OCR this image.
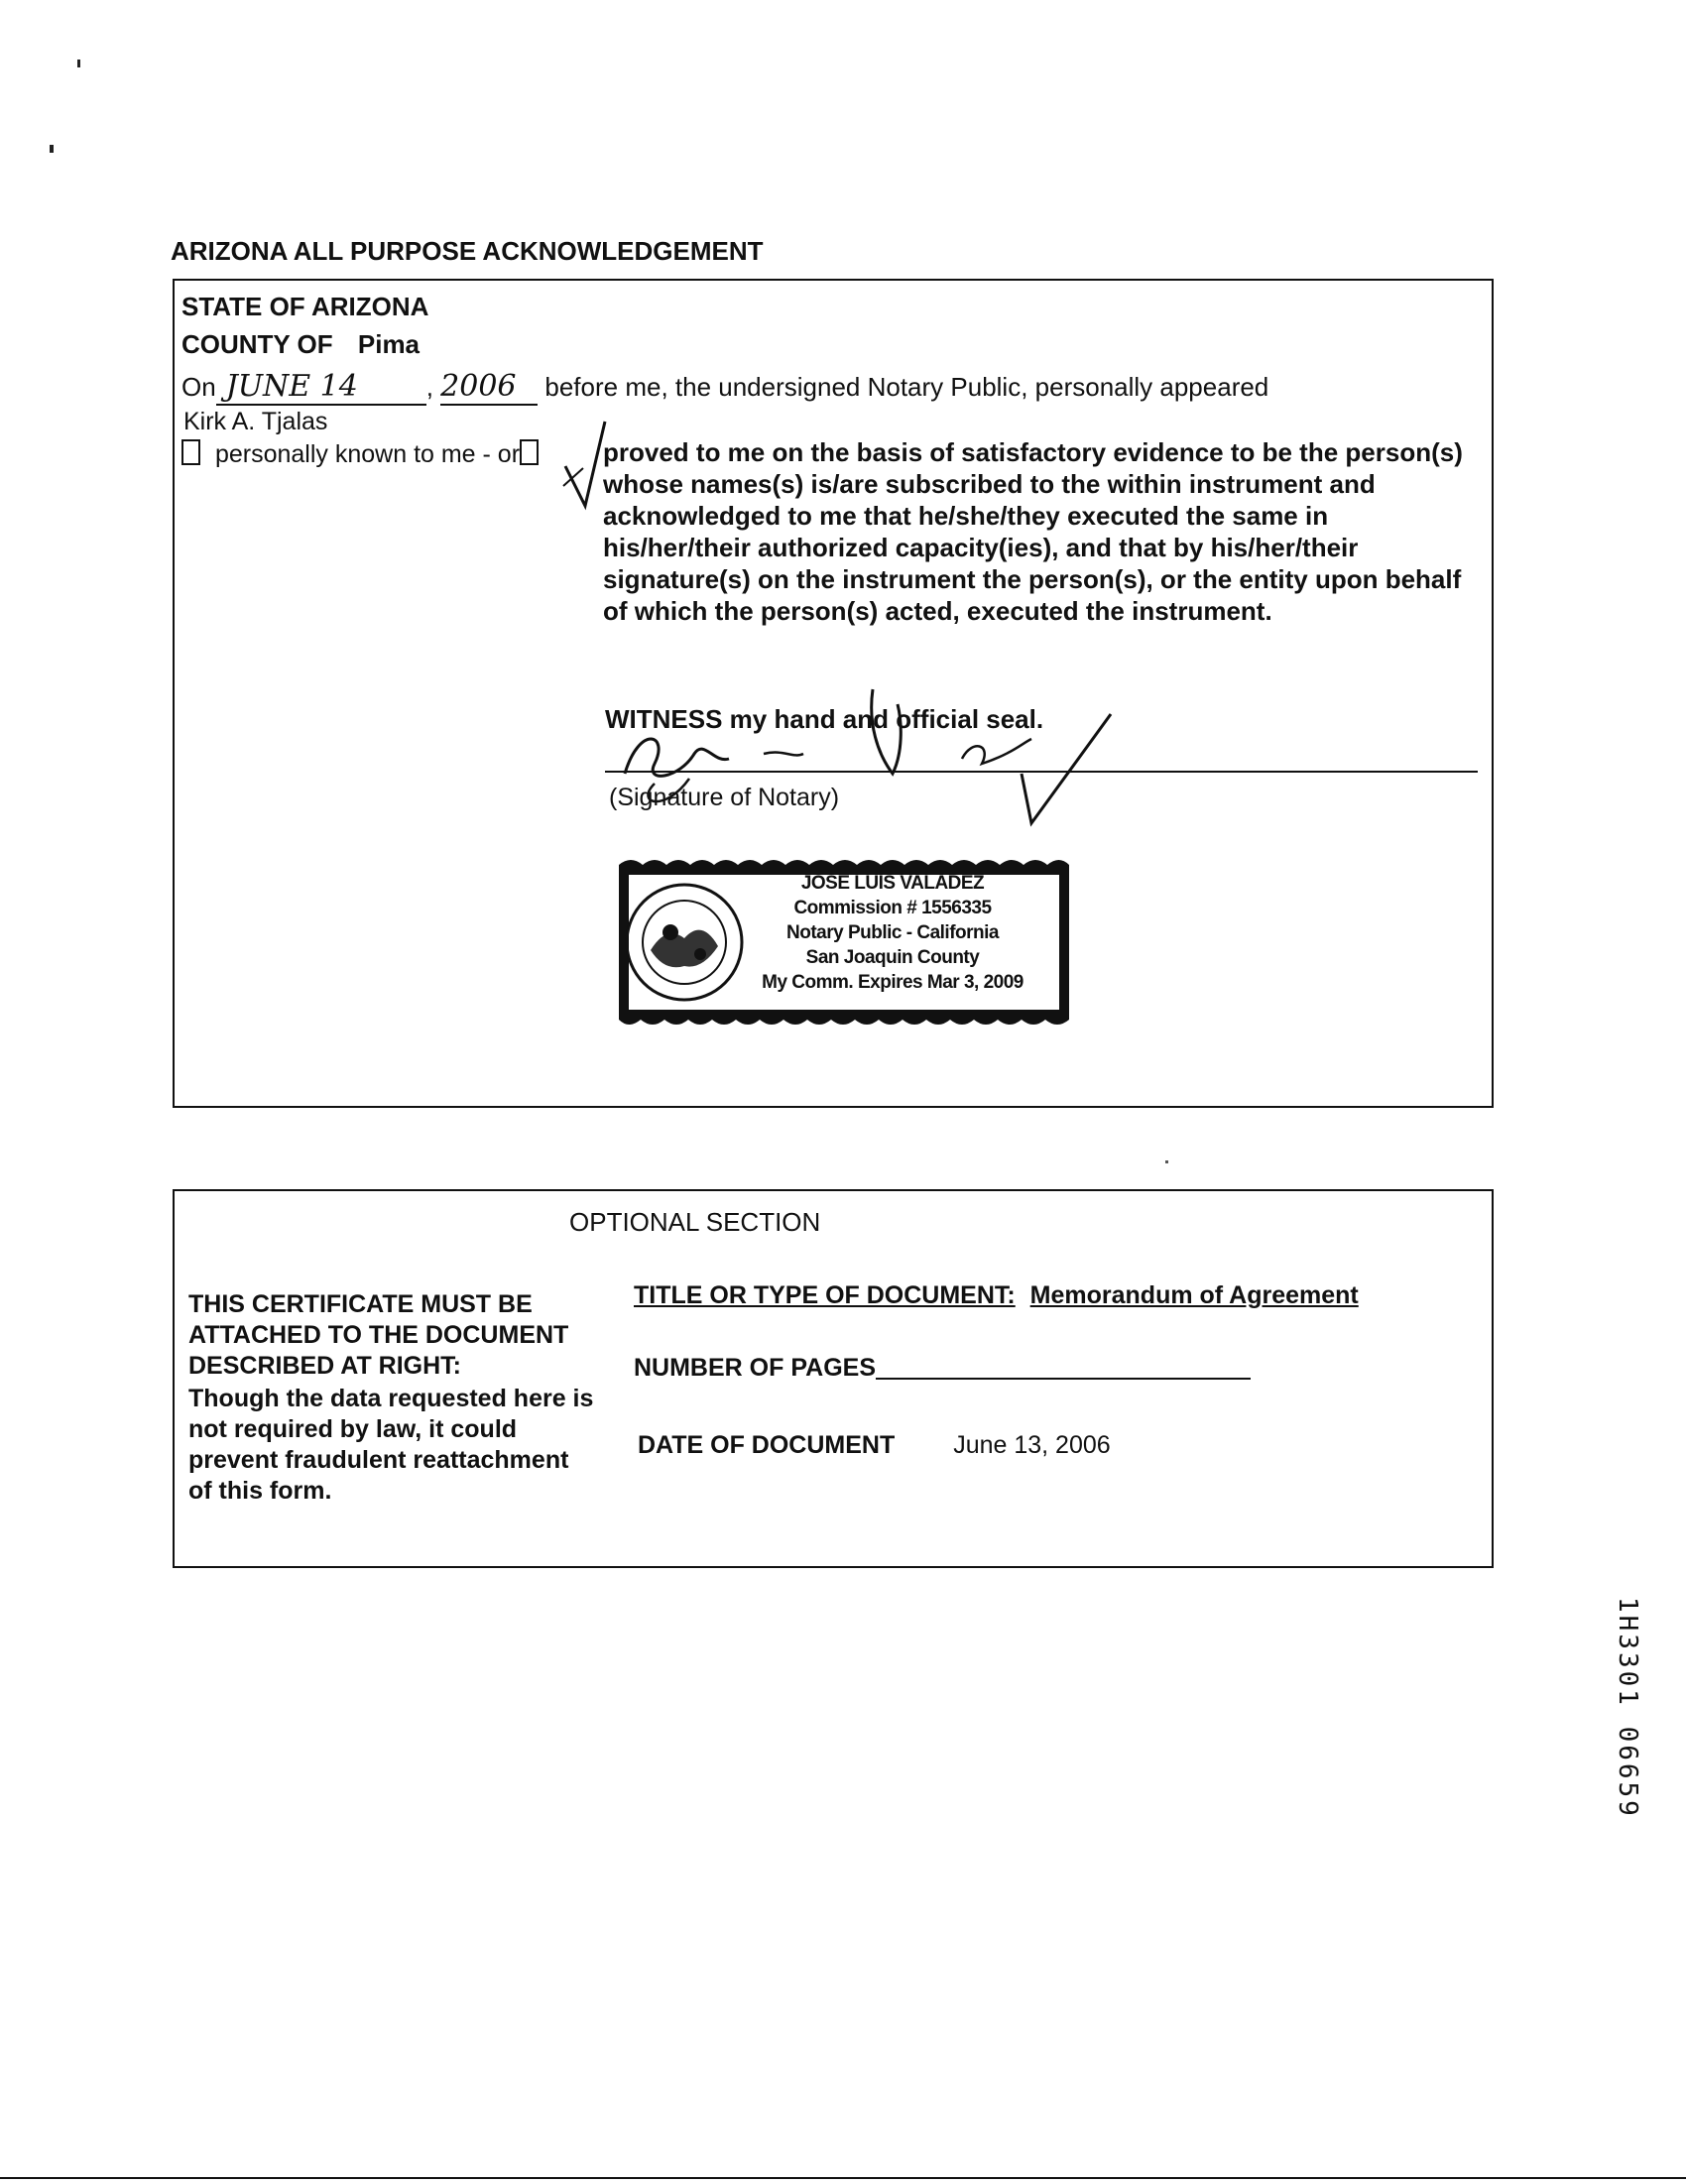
ARIZONA ALL PURPOSE ACKNOWLEDGEMENT
STATE OF ARIZONA
COUNTY OF Pima
On JUNE 14	, 2006 before me, the undersigned Notary Public, personally appeared
Kirk A. Tjalas
personally known to me - or	proved to me on the basis of satisfactory evidence to be the person(s) whose names(s) is/are subscribed to the within instrument and acknowledged to me that he/she/they executed the same in his/her/their authorized capacity(ies), and that by his/her/their signature(s) on the instrument the person(s), or the entity upon behalf of which the person(s) acted, executed the instrument.
WITNESS my hand and official seal.
(Signature of Notary)
JOSE LUIS VALADEZ
Commission # 1556335
Notary Public - California
San Joaquin County
My Comm. Expires Mar 3, 2009
OPTIONAL SECTION
THIS CERTIFICATE MUST BE ATTACHED TO THE DOCUMENT DESCRIBED AT RIGHT:
Though the data requested here is not required by law, it could prevent fraudulent reattachment of this form.
TITLE OR TYPE OF DOCUMENT: Memorandum of Agreement
NUMBER OF PAGES
DATE OF DOCUMENT June 13, 2006
1H3301 06659
